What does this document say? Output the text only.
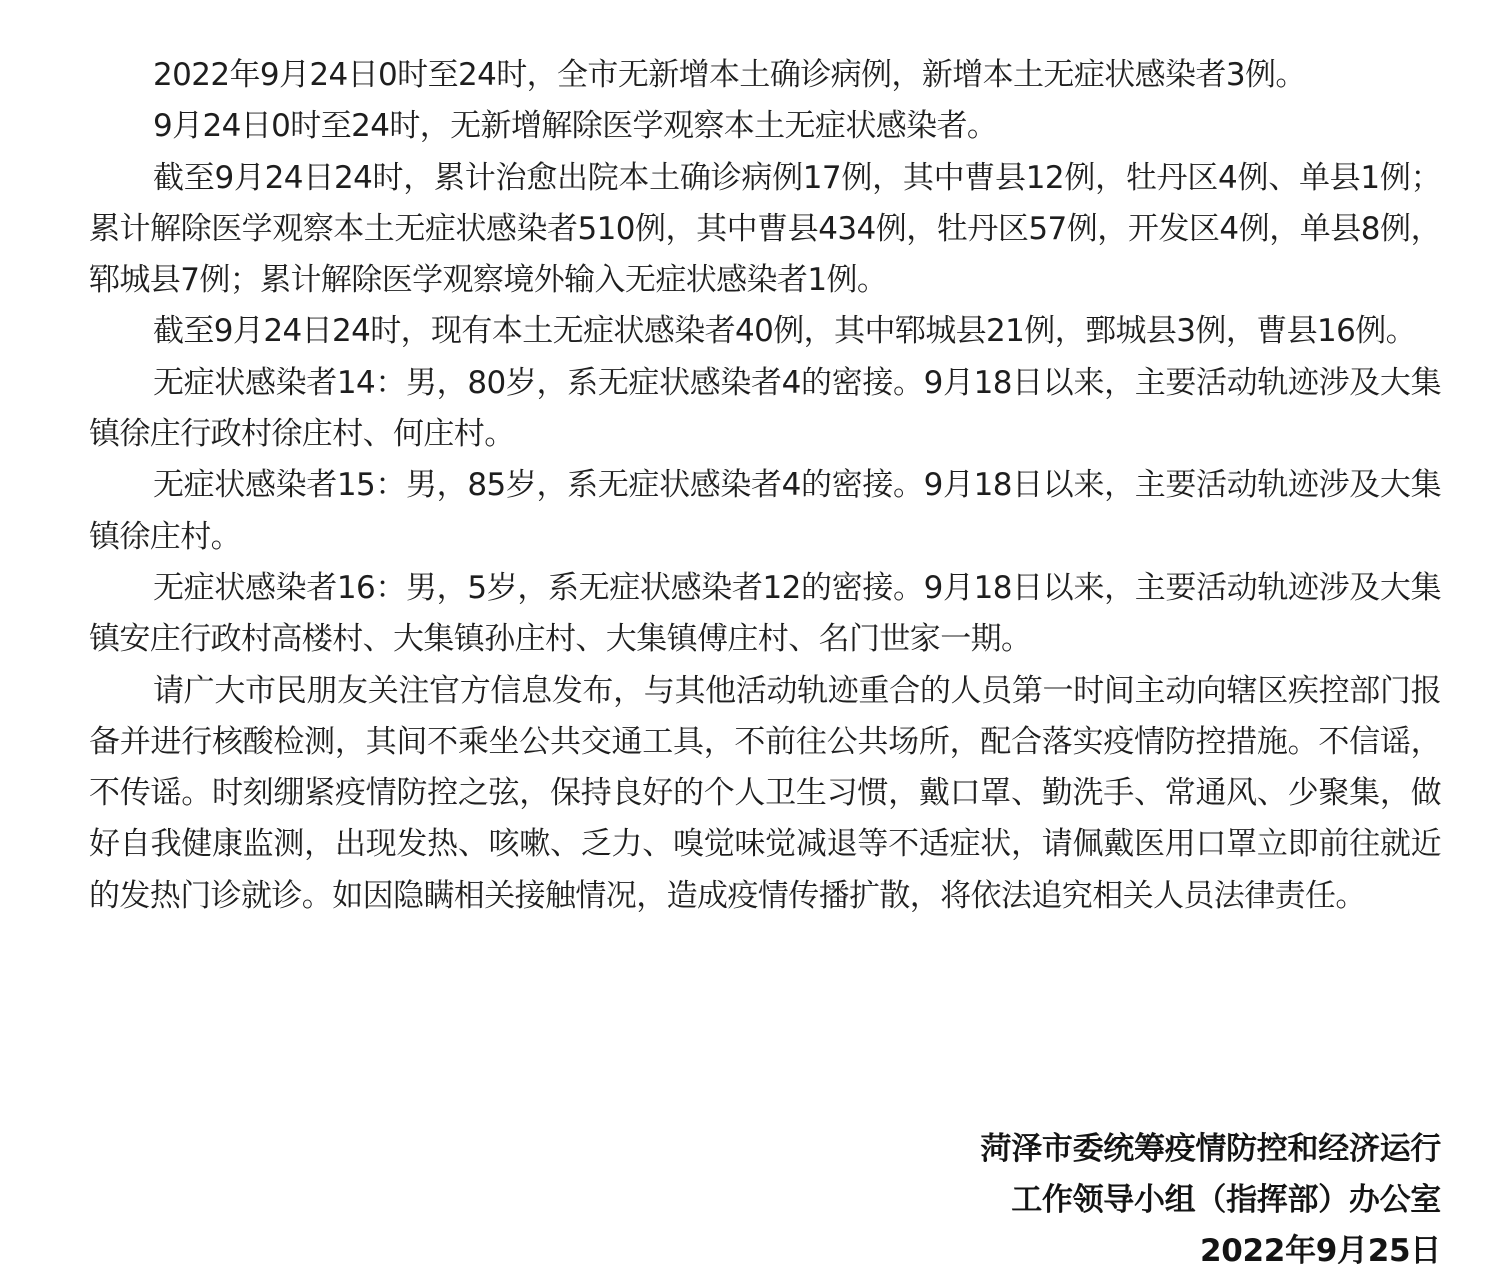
2022年9月24日0时至24时，全市无新增本土确诊病例，新增本土无症状感染者3例。

9月24日0时至24时，无新增解除医学观察本土无症状感染者。

截至9月24日24时，累计治愈出院本土确诊病例17例，其中曹县12例，牡丹区4例、单县1例；累计解除医学观察本土无症状感染者510例，其中曹县434例，牡丹区57例，开发区4例，单县8例，郓城县7例；累计解除医学观察境外输入无症状感染者1例。

截至9月24日24时，现有本土无症状感染者40例，其中郓城县21例，鄄城县3例，曹县16例。

无症状感染者14：男，80岁，系无症状感染者4的密接。9月18日以来，主要活动轨迹涉及大集镇徐庄行政村徐庄村、何庄村。

无症状感染者15：男，85岁，系无症状感染者4的密接。9月18日以来，主要活动轨迹涉及大集镇徐庄村。

无症状感染者16：男，5岁，系无症状感染者12的密接。9月18日以来，主要活动轨迹涉及大集镇安庄行政村高楼村、大集镇孙庄村、大集镇傅庄村、名门世家一期。

请广大市民朋友关注官方信息发布，与其他活动轨迹重合的人员第一时间主动向辖区疾控部门报备并进行核酸检测，其间不乘坐公共交通工具，不前往公共场所，配合落实疫情防控措施。不信谣，不传谣。时刻绷紧疫情防控之弦，保持良好的个人卫生习惯，戴口罩、勤洗手、常通风、少聚集，做好自我健康监测，出现发热、咳嗽、乏力、嗅觉味觉减退等不适症状，请佩戴医用口罩立即前往就近的发热门诊就诊。如因隐瞒相关接触情况，造成疫情传播扩散，将依法追究相关人员法律责任。

菏泽市委统筹疫情防控和经济运行
工作领导小组（指挥部）办公室
2022年9月25日
